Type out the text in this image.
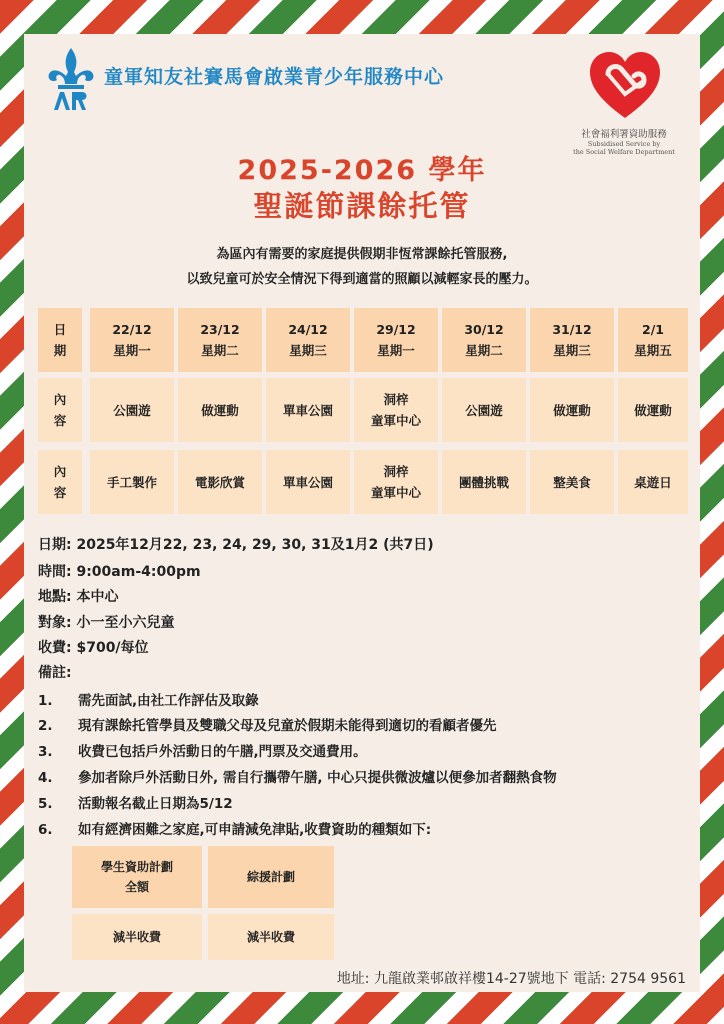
童軍知友社賽馬會啟業青少年服務中心
社會福利署資助服務
Subsidised Service by
the Social Welfare Department
2025-2026 學年
聖誕節課餘托管
為區內有需要的家庭提供假期非恆常課餘托管服務,
以致兒童可於安全情況下得到適當的照顧以減輕家長的壓力。
日
期
內
容
內
容
22/12
星期一
公園遊
手工製作
23/12
星期二
做運動
電影欣賞
24/12
星期三
單車公園
單車公園
29/12
星期一
洞梓
童軍中心
洞梓
童軍中心
30/12
星期二
公園遊
團體挑戰
31/12
星期三
做運動
整美食
2/1
星期五
做運動
桌遊日
日期: 2025年12月22, 23, 24, 29, 30, 31及1月2 (共7日)
時間: 9:00am-4:00pm
地點: 本中心
對象: 小一至小六兒童
收費: $700/每位
備註:
1. 需先面試,由社工作評估及取錄
2. 現有課餘托管學員及雙職父母及兒童於假期未能得到適切的看顧者優先
3. 收費已包括戶外活動日的午膳,門票及交通費用。
4. 參加者除戶外活動日外, 需自行攜帶午膳, 中心只提供微波爐以便參加者翻熱食物
5. 活動報名截止日期為5/12
6. 如有經濟困難之家庭,可申請減免津貼,收費資助的種類如下:
學生資助計劃
全額
綜援計劃
減半收費	減半收費
地址: 九龍啟業邨啟祥樓14-27號地下 電話: 2754 9561
